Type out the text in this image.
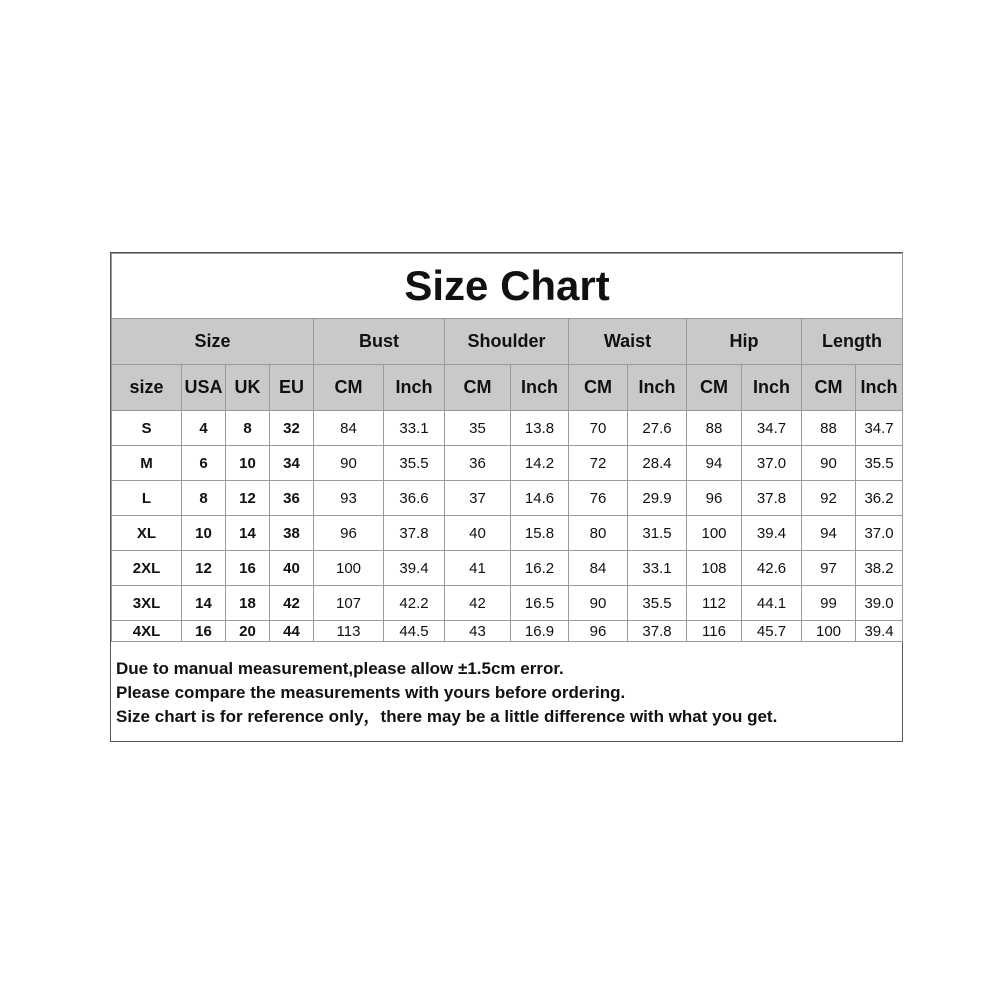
Size Chart													
Size				Bust		Shoulder		Waist		Hip		Length	
size	USA	UK	EU	CM	Inch	CM	Inch	CM	Inch	CM	Inch	CM	Inch
S	4	8	32	84	33.1	35	13.8	70	27.6	88	34.7	88	34.7
M	6	10	34	90	35.5	36	14.2	72	28.4	94	37.0	90	35.5
L	8	12	36	93	36.6	37	14.6	76	29.9	96	37.8	92	36.2
XL	10	14	38	96	37.8	40	15.8	80	31.5	100	39.4	94	37.0
2XL	12	16	40	100	39.4	41	16.2	84	33.1	108	42.6	97	38.2
3XL	14	18	42	107	42.2	42	16.5	90	35.5	112	44.1	99	39.0
4XL	16	20	44	113	44.5	43	16.9	96	37.8	116	45.7	100	39.4
Due to manual measurement,please allow ±1.5cm error.
Please compare the measurements with yours before ordering.
Size chart is for reference only，there may be a little difference with what you get.
